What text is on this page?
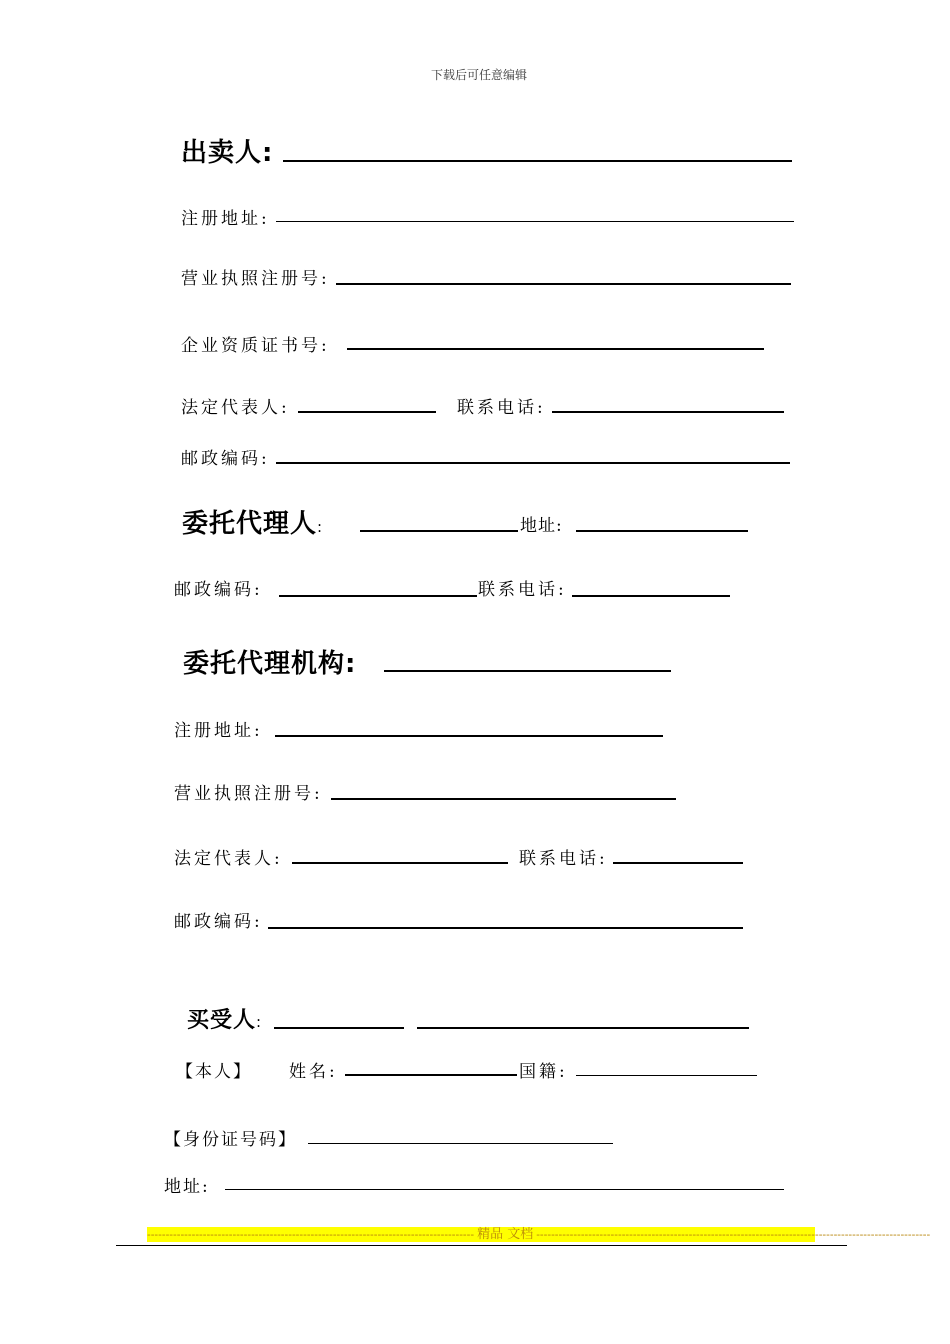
下载后可任意编辑
出卖人:
注册地址:
营业执照注册号:
企业资质证书号:
法定代表人:	联系电话:
邮政编码:
委托代理人:	地址:
邮政编码:	联系电话:
委托代理机构:
注册地址:
营业执照注册号:
法定代表人:	联系电话:
邮政编码:
买受人:
【本人】 姓名:	国籍:
【身份证号码】
地址:
---------------------------------------------------------------------------------------- 精品 文档 ----------------------------------------------------------------------------------------------------------
